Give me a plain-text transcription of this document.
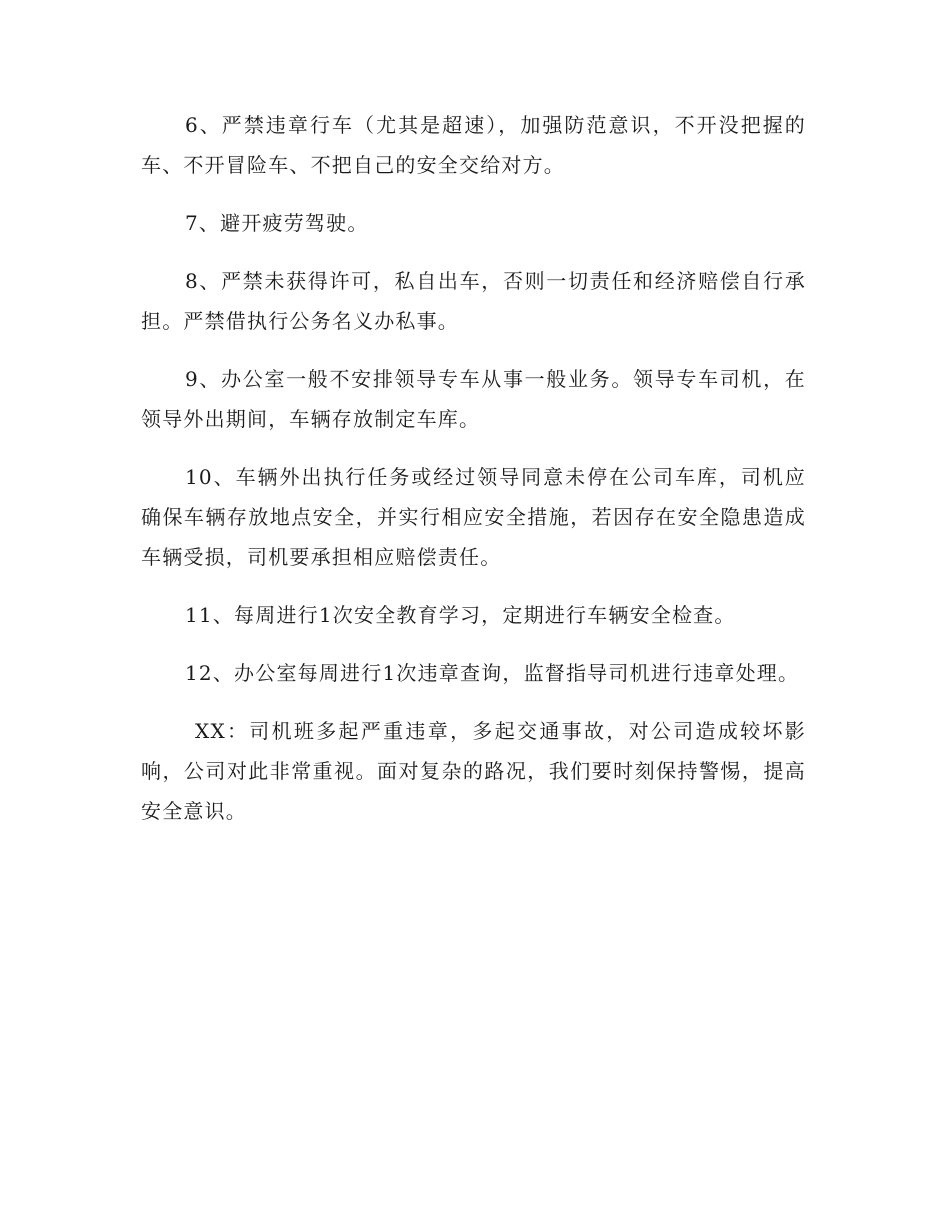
6、严禁违章行车（尤其是超速），加强防范意识，不开没把握的车、不开冒险车、不把自己的安全交给对方。

7、避开疲劳驾驶。

8、严禁未获得许可，私自出车，否则一切责任和经济赔偿自行承担。严禁借执行公务名义办私事。

9、办公室一般不安排领导专车从事一般业务。领导专车司机，在领导外出期间，车辆存放制定车库。

10、车辆外出执行任务或经过领导同意未停在公司车库，司机应确保车辆存放地点安全，并实行相应安全措施，若因存在安全隐患造成车辆受损，司机要承担相应赔偿责任。

11、每周进行1次安全教育学习，定期进行车辆安全检查。

12、办公室每周进行1次违章查询，监督指导司机进行违章处理。

XX：司机班多起严重违章，多起交通事故，对公司造成较坏影响，公司对此非常重视。面对复杂的路况，我们要时刻保持警惕，提高安全意识。
